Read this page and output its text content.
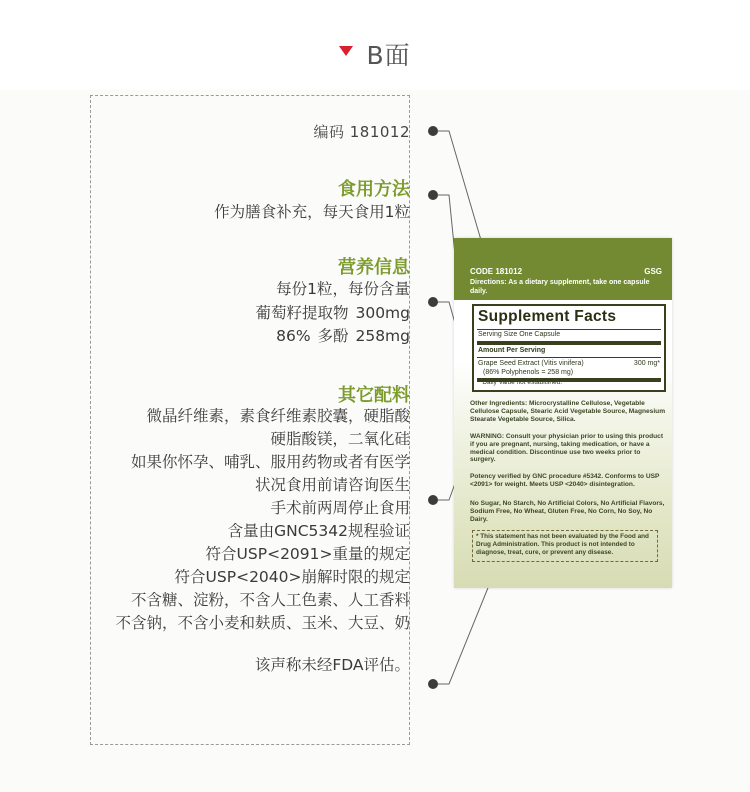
B面
编码 181012
食用方法
作为膳食补充，每天食用1粒
营养信息
每份1粒，每份含量
葡萄籽提取物 300mg
86% 多酚 258mg
其它配料
微晶纤维素，素食纤维素胶囊，硬脂酸
硬脂酸镁，二氧化硅
如果你怀孕、哺乳、服用药物或者有医学
状况食用前请咨询医生
手术前两周停止食用
含量由GNC5342规程验证
符合USP<2091>重量的规定
符合USP<2040>崩解时限的规定
不含糖、淀粉，不含人工色素、人工香料
不含钠，不含小麦和麸质、玉米、大豆、奶
该声称未经FDA评估。
CODE 181012	GSG
Directions: As a dietary supplement, take one capsule daily.
Supplement Facts
Serving Size One Capsule
Amount Per Serving
Grape Seed Extract (Vitis vinifera)	300 mg*
(86% Polyphenols = 258 mg)
* Daily Value not established.
Other Ingredients: Microcrystalline Cellulose, Vegetable Cellulose Capsule, Stearic Acid Vegetable Source, Magnesium Stearate Vegetable Source, Silica.
WARNING: Consult your physician prior to using this product if you are pregnant, nursing, taking medication, or have a medical condition. Discontinue use two weeks prior to surgery.
Potency verified by GNC procedure #5342. Conforms to USP <2091> for weight. Meets USP <2040> disintegration.
No Sugar, No Starch, No Artificial Colors, No Artificial Flavors, Sodium Free, No Wheat, Gluten Free, No Corn, No Soy, No Dairy.
* This statement has not been evaluated by the Food and Drug Administration. This product is not intended to diagnose, treat, cure, or prevent any disease.
